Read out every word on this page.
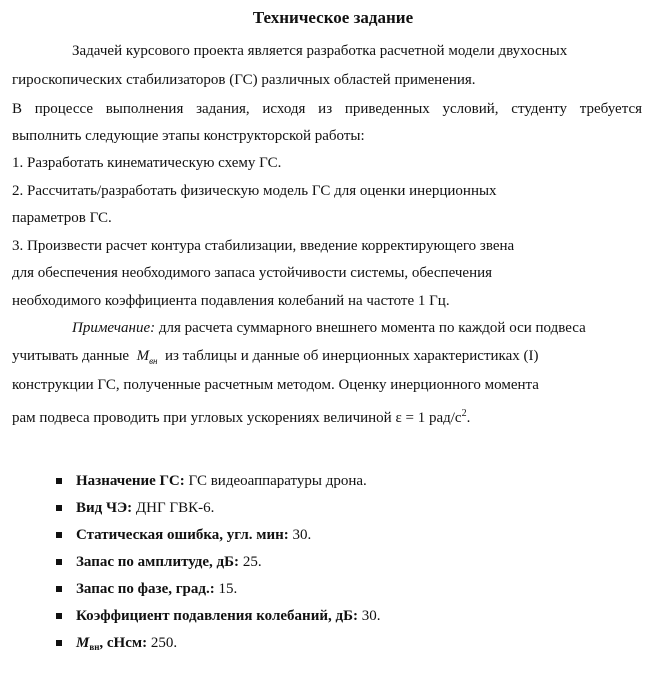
Техническое задание
Задачей курсового проекта является разработка расчетной модели двухосных
гироскопических стабилизаторов (ГС) различных областей применения.
В процессе выполнения задания, исходя из приведенных условий, студенту требуется
выполнить следующие этапы конструкторской работы:
1. Разработать кинематическую схему ГС.
2. Рассчитать/разработать физическую модель ГС для оценки инерционных
параметров ГС.
3. Произвести расчет контура стабилизации, введение корректирующего звена
для обеспечения необходимого запаса устойчивости системы, обеспечения
необходимого коэффициента подавления колебаний на частоте 1 Гц.
Примечание: для расчета суммарного внешнего момента по каждой оси подвеса
учитывать данные  $M_{вн}$  из таблицы и данные об инерционных характеристиках (I)
конструкции ГС, полученные расчетным методом. Оценку инерционного момента
рам подвеса проводить при угловых ускорениях величиной ε = 1 рад/$с^2$.
Назначение ГС: ГС видеоаппаратуры дрона.
Вид ЧЭ: ДНГ ГВК-6.
Статическая ошибка, угл. мин: 30.
Запас по амплитуде, дБ: 25.
Запас по фазе, град.: 15.
Коэффициент подавления колебаний, дБ: 30.
$M_{вн}$, сНсм: 250.
